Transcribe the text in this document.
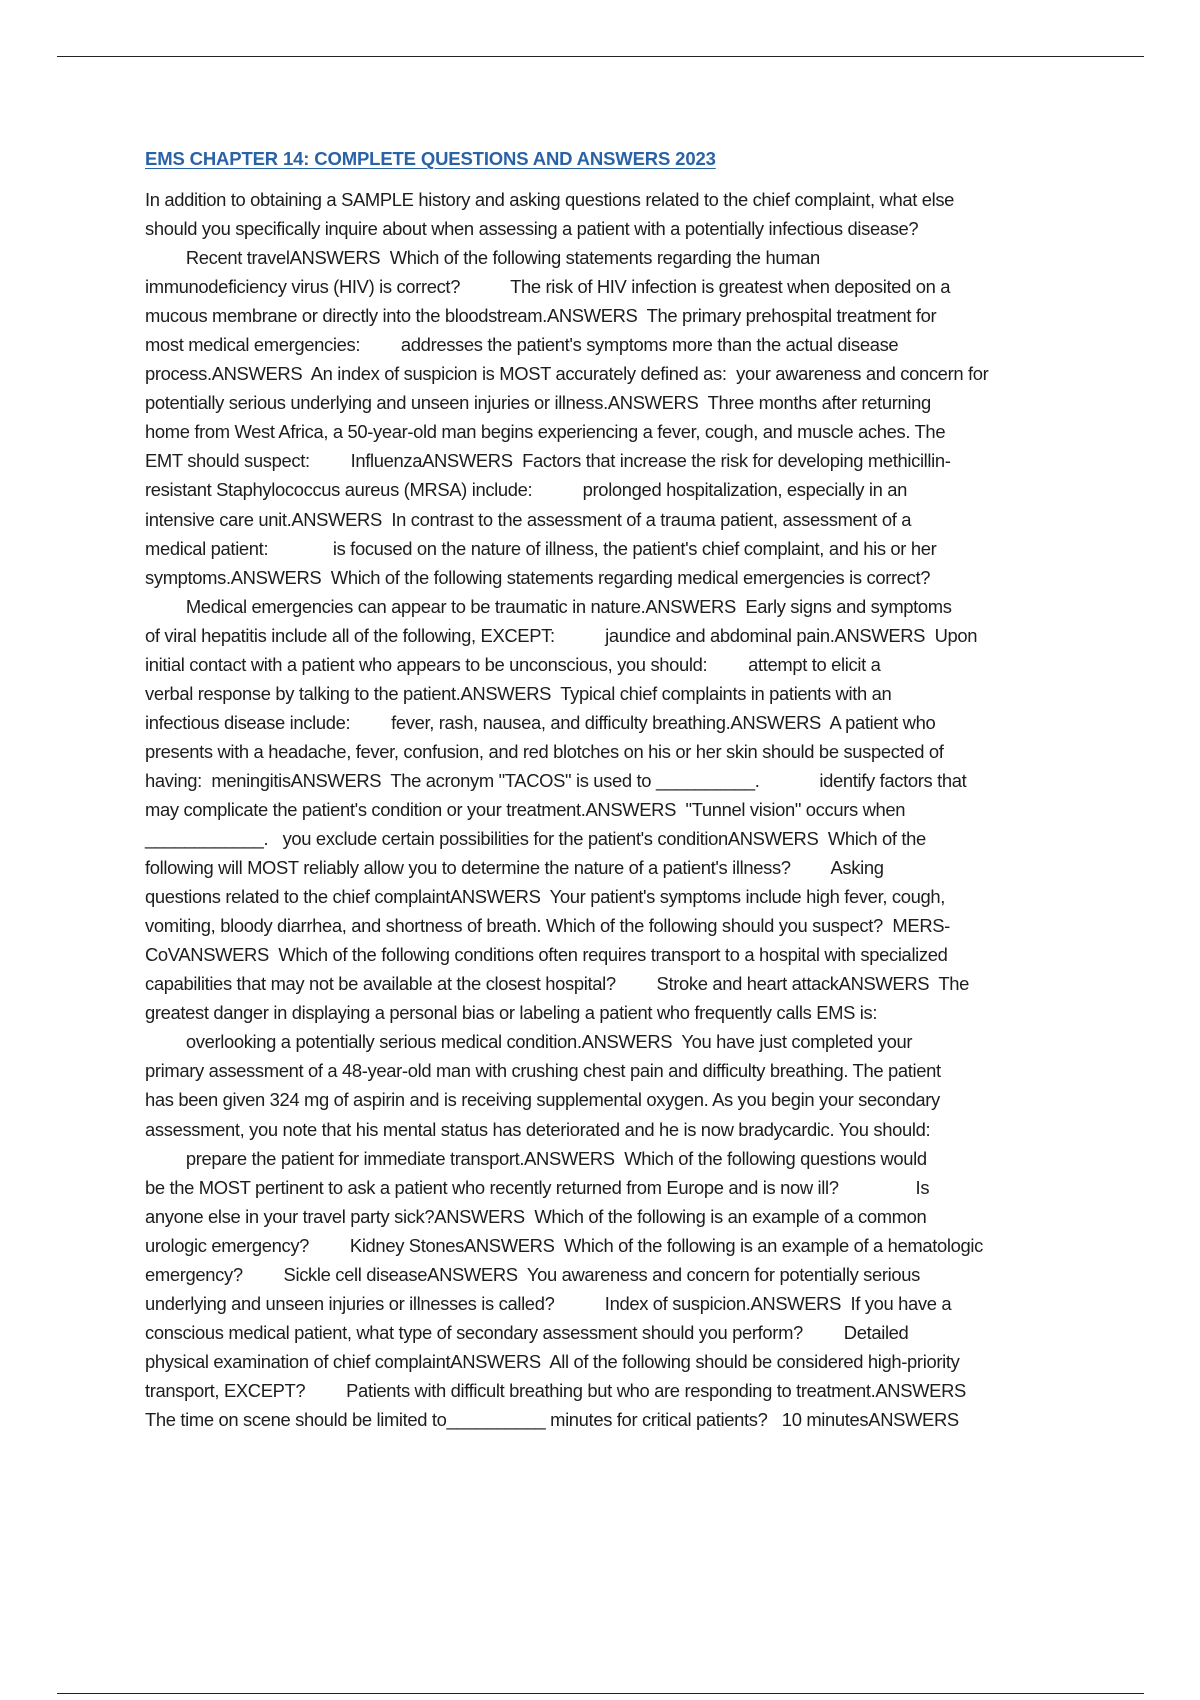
EMS CHAPTER 14: COMPLETE QUESTIONS AND ANSWERS 2023

In addition to obtaining a SAMPLE history and asking questions related to the chief complaint, what else
should you specifically inquire about when assessing a patient with a potentially infectious disease?
   Recent travelANSWERS  Which of the following statements regarding the human
immunodeficiency virus (HIV) is correct?     The risk of HIV infection is greatest when deposited on a
mucous membrane or directly into the bloodstream.ANSWERS  The primary prehospital treatment for
most medical emergencies:   addresses the patient's symptoms more than the actual disease
process.ANSWERS  An index of suspicion is MOST accurately defined as:  your awareness and concern for
potentially serious underlying and unseen injuries or illness.ANSWERS  Three months after returning
home from West Africa, a 50-year-old man begins experiencing a fever, cough, and muscle aches. The
EMT should suspect:   InfluenzaANSWERS  Factors that increase the risk for developing methicillin-
resistant Staphylococcus aureus (MRSA) include:     prolonged hospitalization, especially in an
intensive care unit.ANSWERS  In contrast to the assessment of a trauma patient, assessment of a
medical patient:        is focused on the nature of illness, the patient's chief complaint, and his or her
symptoms.ANSWERS  Which of the following statements regarding medical emergencies is correct?
   Medical emergencies can appear to be traumatic in nature.ANSWERS  Early signs and symptoms
of viral hepatitis include all of the following, EXCEPT:     jaundice and abdominal pain.ANSWERS  Upon
initial contact with a patient who appears to be unconscious, you should:   attempt to elicit a
verbal response by talking to the patient.ANSWERS  Typical chief complaints in patients with an
infectious disease include:   fever, rash, nausea, and difficulty breathing.ANSWERS  A patient who
presents with a headache, fever, confusion, and red blotches on his or her skin should be suspected of
having:  meningitisANSWERS  The acronym "TACOS" is used to __________.       identify factors that
may complicate the patient's condition or your treatment.ANSWERS  "Tunnel vision" occurs when
____________.   you exclude certain possibilities for the patient's conditionANSWERS  Which of the
following will MOST reliably allow you to determine the nature of a patient's illness?   Asking
questions related to the chief complaintANSWERS  Your patient's symptoms include high fever, cough,
vomiting, bloody diarrhea, and shortness of breath. Which of the following should you suspect?  MERS-
CoVANSWERS  Which of the following conditions often requires transport to a hospital with specialized
capabilities that may not be available at the closest hospital?   Stroke and heart attackANSWERS  The
greatest danger in displaying a personal bias or labeling a patient who frequently calls EMS is:
   overlooking a potentially serious medical condition.ANSWERS  You have just completed your
primary assessment of a 48-year-old man with crushing chest pain and difficulty breathing. The patient
has been given 324 mg of aspirin and is receiving supplemental oxygen. As you begin your secondary
assessment, you note that his mental status has deteriorated and he is now bradycardic. You should:
   prepare the patient for immediate transport.ANSWERS  Which of the following questions would
be the MOST pertinent to ask a patient who recently returned from Europe and is now ill?     Is
anyone else in your travel party sick?ANSWERS  Which of the following is an example of a common
urologic emergency?   Kidney StonesANSWERS  Which of the following is an example of a hematologic
emergency?   Sickle cell diseaseANSWERS  You awareness and concern for potentially serious
underlying and unseen injuries or illnesses is called?     Index of suspicion.ANSWERS  If you have a
conscious medical patient, what type of secondary assessment should you perform?   Detailed
physical examination of chief complaintANSWERS  All of the following should be considered high-priority
transport, EXCEPT?   Patients with difficult breathing but who are responding to treatment.ANSWERS
The time on scene should be limited to__________ minutes for critical patients?   10 minutesANSWERS
